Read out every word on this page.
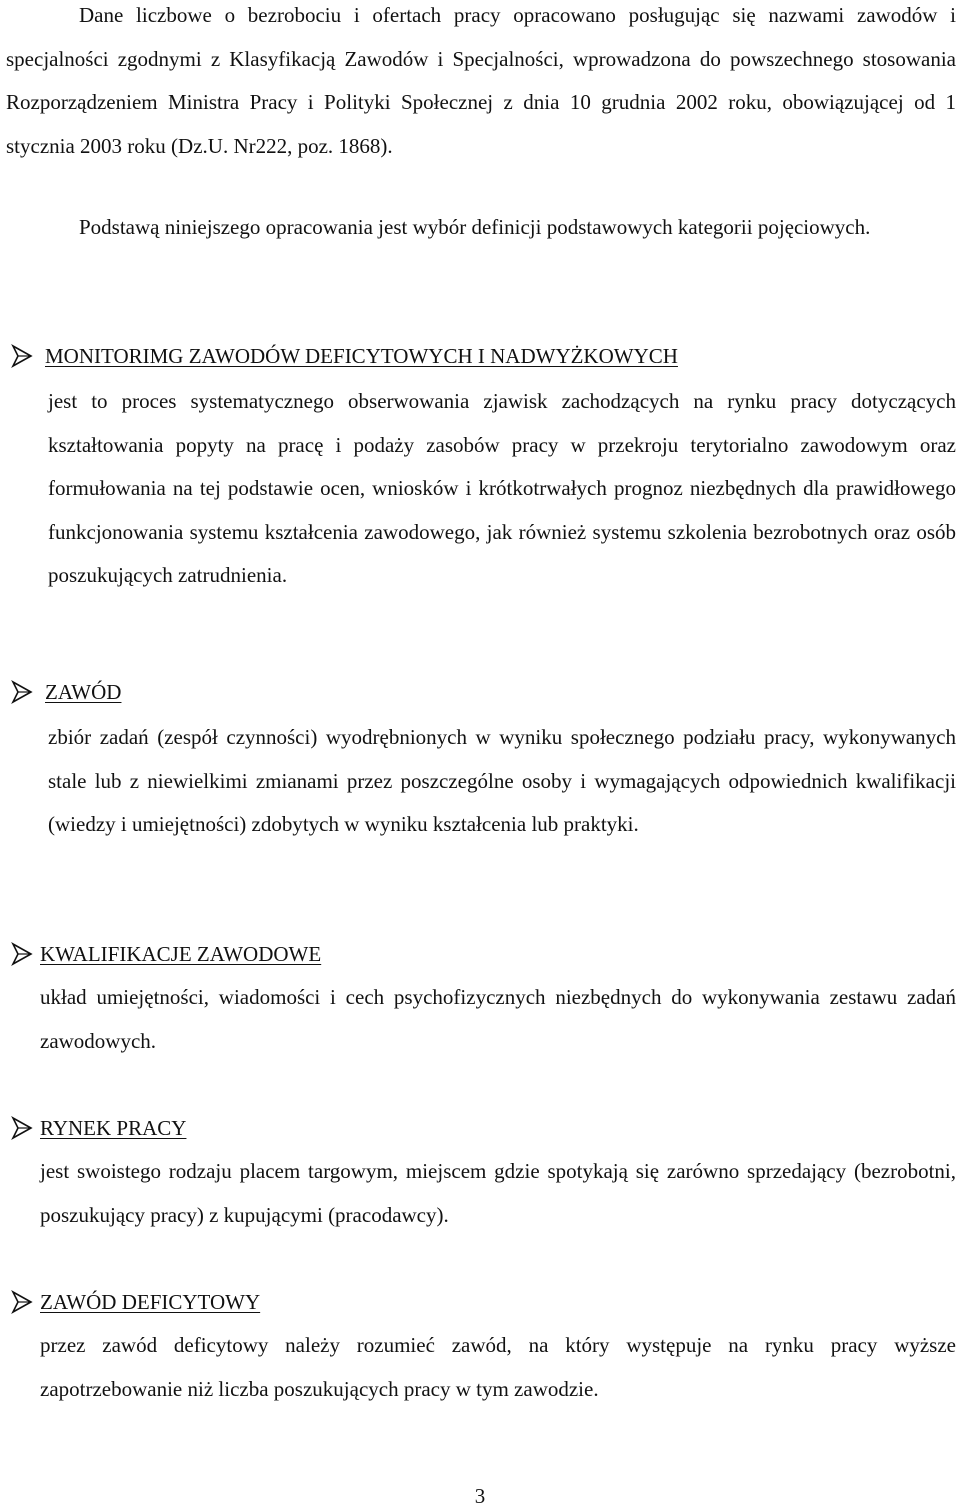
Dane liczbowe o bezrobociu i ofertach pracy opracowano posługując się nazwami zawodów i specjalności zgodnymi z Klasyfikacją Zawodów i Specjalności, wprowadzona do powszechnego stosowania Rozporządzeniem Ministra Pracy i Polityki Społecznej z dnia 10 grudnia 2002 roku, obowiązującej od 1 stycznia 2003 roku (Dz.U. Nr222, poz. 1868).

Podstawą niniejszego opracowania jest wybór definicji podstawowych kategorii pojęciowych.

MONITORIMG ZAWODÓW DEFICYTOWYCH I NADWYŻKOWYCH

jest to proces systematycznego obserwowania zjawisk zachodzących na rynku pracy dotyczących kształtowania popyty na pracę i podaży zasobów pracy w przekroju terytorialno zawodowym oraz formułowania na tej podstawie ocen, wniosków i krótkotrwałych prognoz niezbędnych dla prawidłowego funkcjonowania systemu kształcenia zawodowego, jak również systemu szkolenia bezrobotnych oraz osób poszukujących zatrudnienia.

ZAWÓD

zbiór zadań (zespół czynności) wyodrębnionych w wyniku społecznego podziału pracy, wykonywanych stale lub z niewielkimi zmianami przez poszczególne osoby i wymagających odpowiednich kwalifikacji (wiedzy i umiejętności) zdobytych w wyniku kształcenia lub praktyki.

KWALIFIKACJE ZAWODOWE

układ umiejętności, wiadomości i cech psychofizycznych niezbędnych do wykonywania zestawu zadań zawodowych.

RYNEK PRACY

jest swoistego rodzaju placem targowym, miejscem gdzie spotykają się zarówno sprzedający (bezrobotni, poszukujący pracy) z kupującymi (pracodawcy).

ZAWÓD DEFICYTOWY

przez zawód deficytowy należy rozumieć zawód, na który występuje na rynku pracy wyższe zapotrzebowanie niż liczba poszukujących pracy w tym zawodzie.

3
